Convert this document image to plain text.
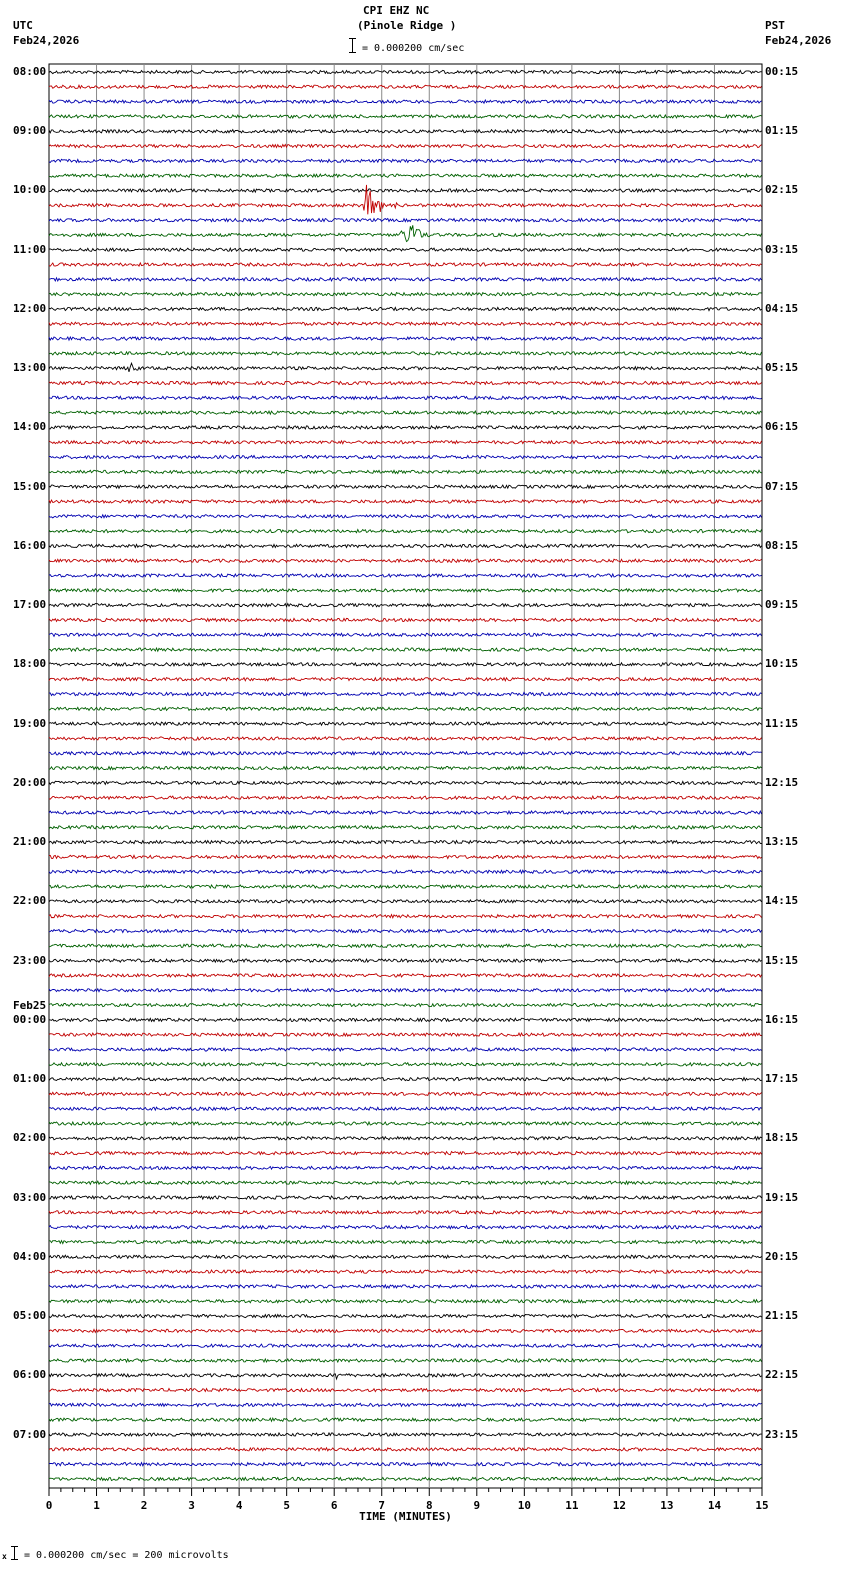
0	1	2	3	4	5	6	7	8	9	10	11	12	13	14	15
TIME (MINUTES)
CPI EHZ NC
(Pinole Ridge )
= 0.000200 cm/sec
UTC
Feb24,2026
PST
Feb24,2026
x = 0.000200 cm/sec = 200 microvolts
08:00
09:00
10:00
11:00
12:00
13:00
14:00
15:00
16:00
17:00
18:00
19:00
20:00
21:00
22:00
23:00
00:00
01:00
02:00
03:00
04:00
05:00
06:00
07:00
00:15
01:15
02:15
03:15
04:15
05:15
06:15
07:15
08:15
09:15
10:15
11:15
12:15
13:15
14:15
15:15
16:15
17:15
18:15
19:15
20:15
21:15
22:15
23:15
Feb25
